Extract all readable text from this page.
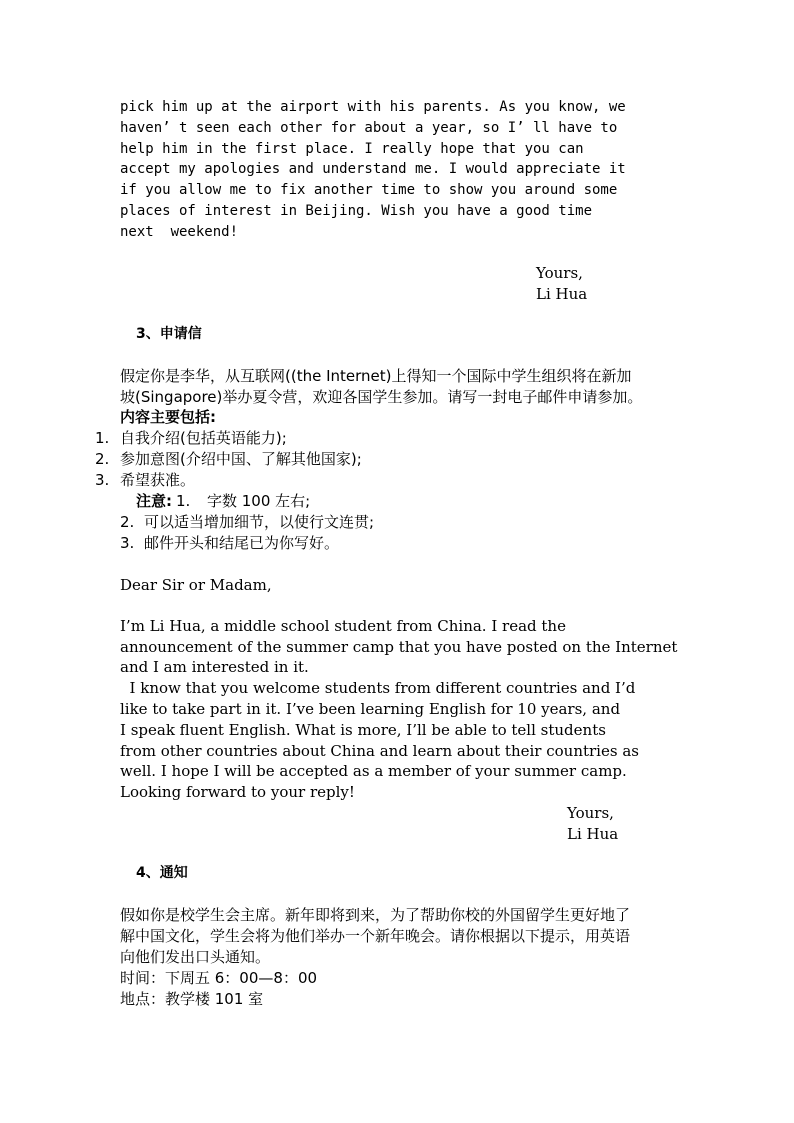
pick him up at the airport with his parents. As you know, we
haven’ t seen each other for about a year, so I’ ll have to
help him in the first place. I really hope that you can
accept my apologies and understand me. I would appreciate it
if you allow me to fix another time to show you around some
places of interest in Beijing. Wish you have a good time
next  weekend!
Yours,
Li Hua
3、申请信
假定你是李华，从互联网((the Internet)上得知一个国际中学生组织将在新加
坡(Singapore)举办夏令营，欢迎各国学生参加。请写一封电子邮件申请参加。
内容主要包括:
1. 自我介绍(包括英语能力);
2. 参加意图(介绍中国、了解其他国家);
3. 希望获准。
注意: 1. 字数 100 左右;
2. 可以适当增加细节，以使行文连贯;
3. 邮件开头和结尾已为你写好。
Dear Sir or Madam,
I’m Li Hua, a middle school student from China. I read the
announcement of the summer camp that you have posted on the Internet
and I am interested in it.
I know that you welcome students from different countries and I’d
like to take part in it. I’ve been learning English for 10 years, and
I speak fluent English. What is more, I’ll be able to tell students
from other countries about China and learn about their countries as
well. I hope I will be accepted as a member of your summer camp.
Looking forward to your reply!
Yours,
Li Hua
4、通知
假如你是校学生会主席。新年即将到来，为了帮助你校的外国留学生更好地了
解中国文化，学生会将为他们举办一个新年晚会。请你根据以下提示，用英语
向他们发出口头通知。
时间：下周五 6：00—8：00
地点：教学楼 101 室
